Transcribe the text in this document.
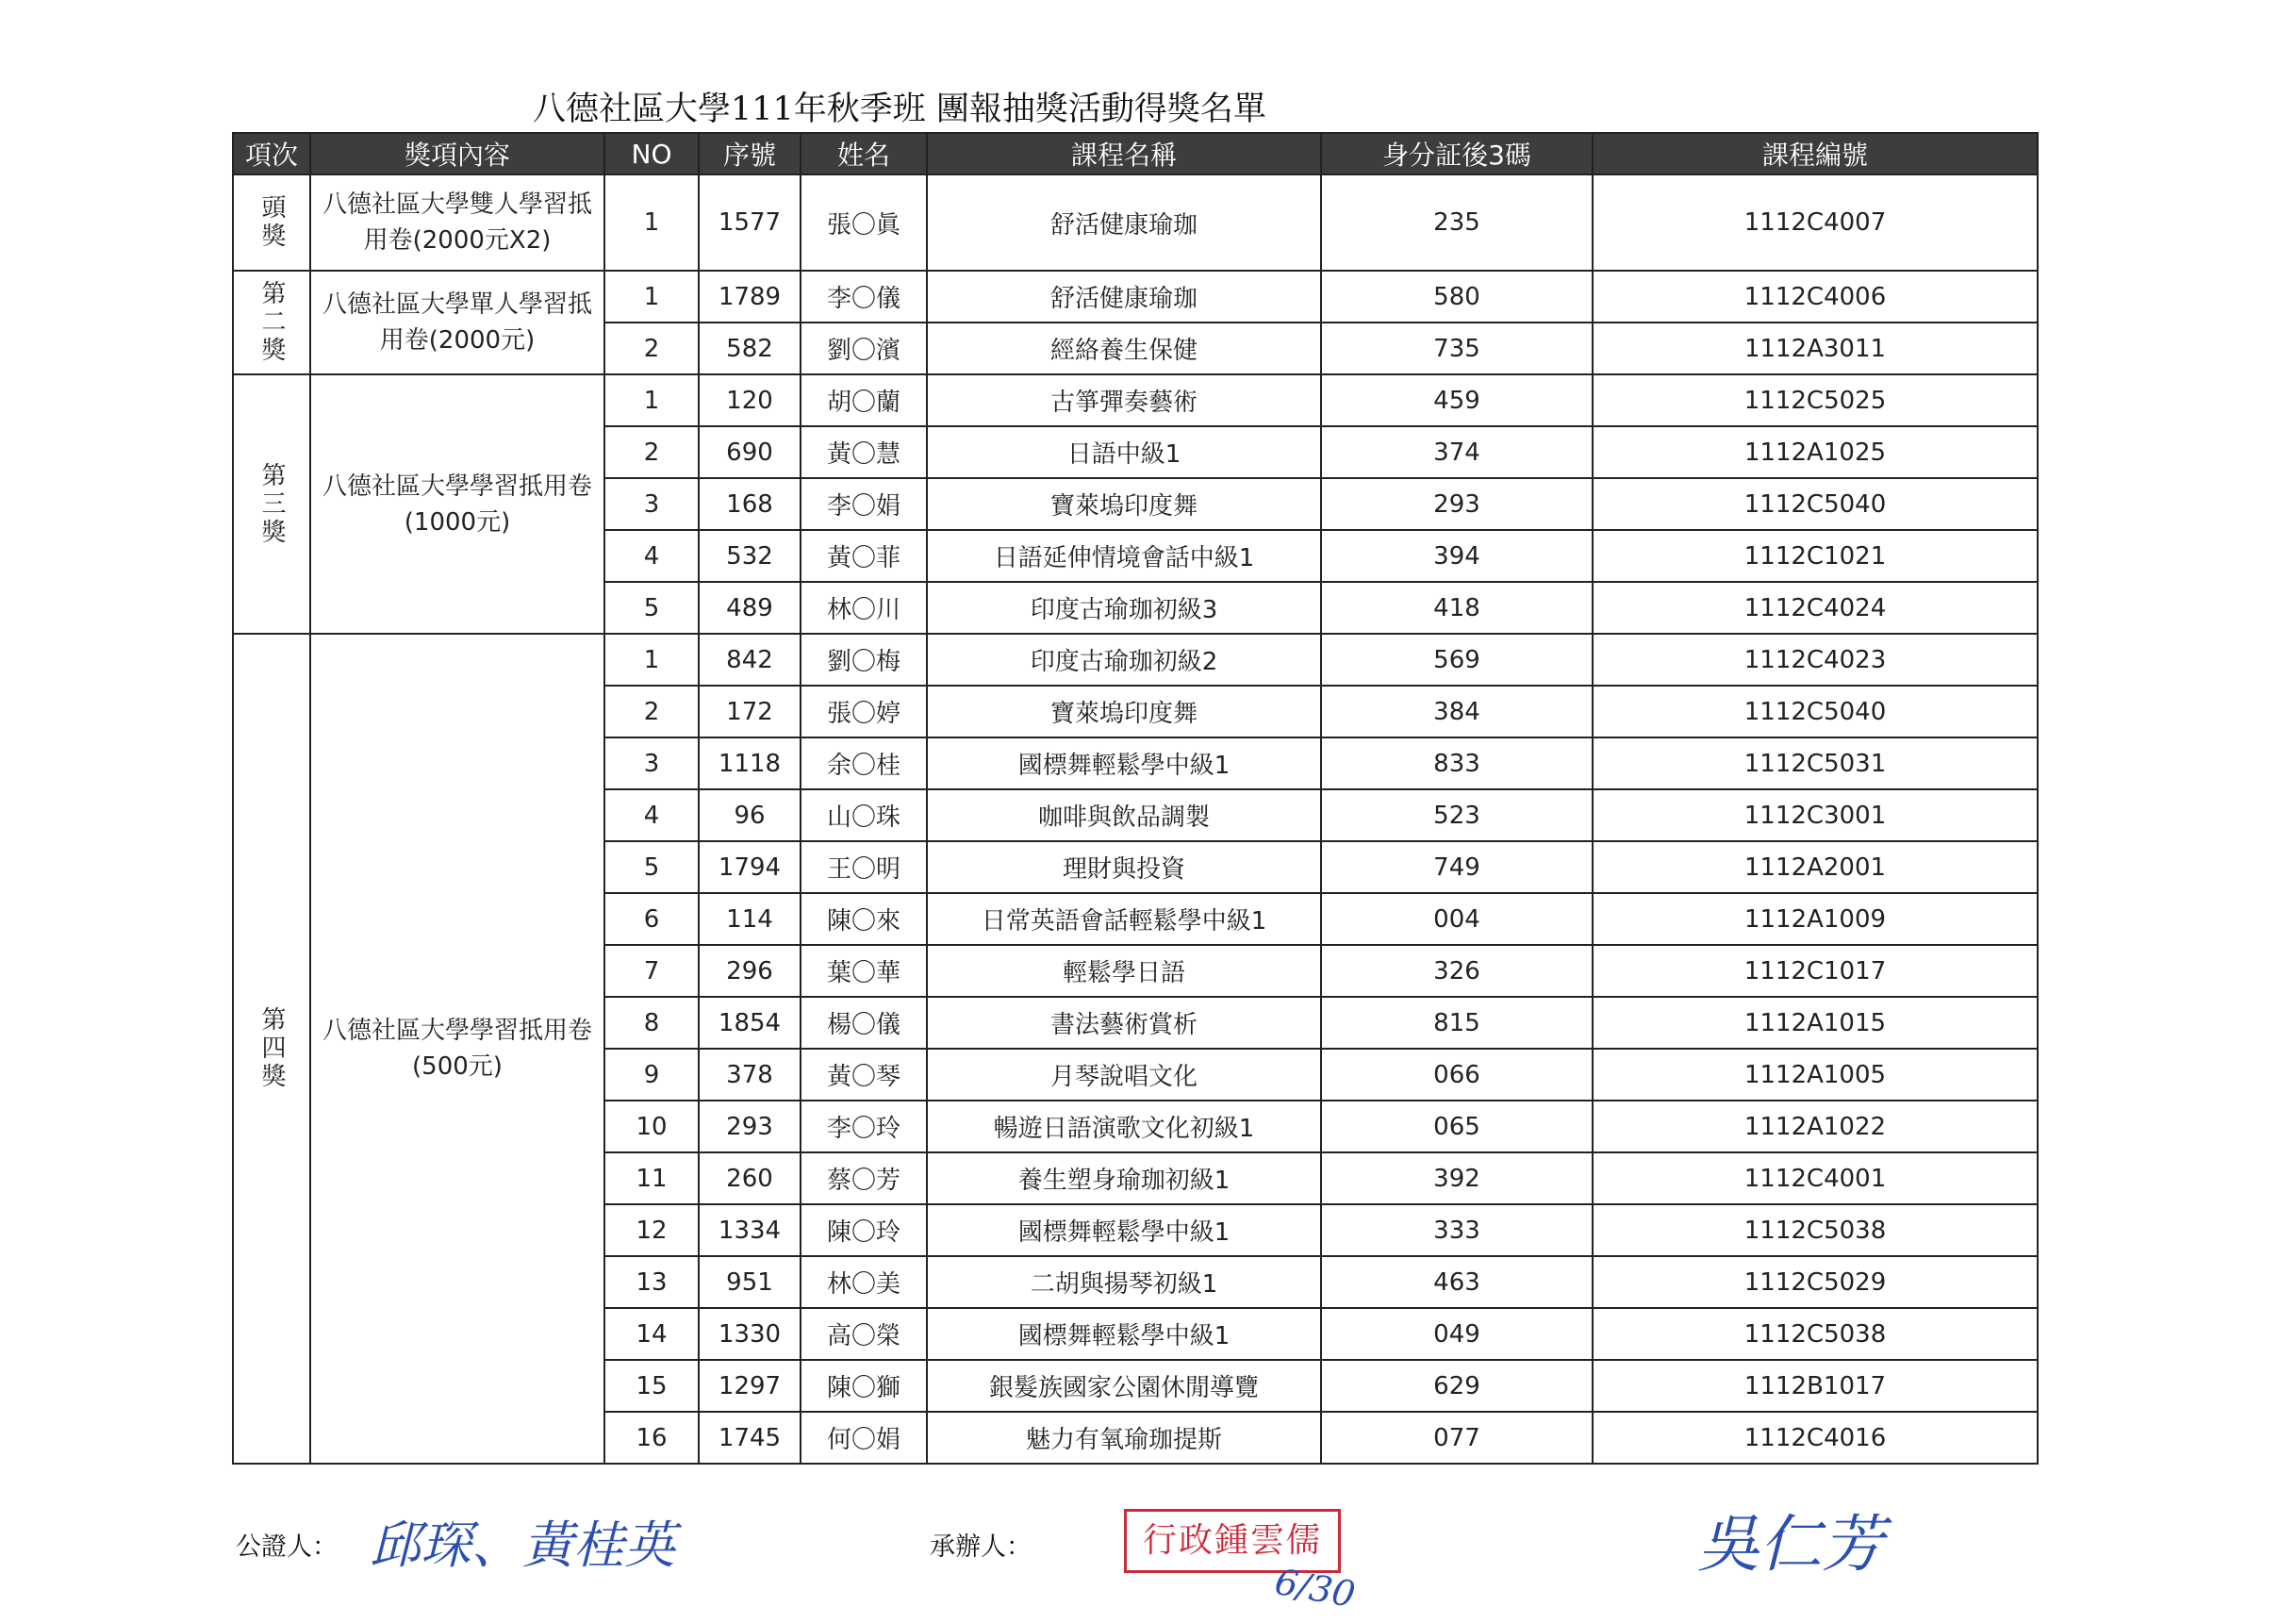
八德社區大學111年秋季班 團報抽獎活動得獎名單
項次	獎項內容	NO	序號	姓名	課程名稱	身分証後3碼	課程編號
頭獎	八德社區大學雙人學習抵用卷(2000元X2)	1	1577	張〇眞	舒活健康瑜珈	235	1112C4007
第二獎	八德社區大學單人學習抵用卷(2000元)	1	1789	李〇儀	舒活健康瑜珈	580	1112C4006
		2	582	劉〇濱	經絡養生保健	735	1112A3011
第三獎	八德社區大學學習抵用卷(1000元)	1	120	胡〇蘭	古箏彈奏藝術	459	1112C5025
		2	690	黃〇慧	日語中級1	374	1112A1025
		3	168	李〇娟	寶萊塢印度舞	293	1112C5040
		4	532	黃〇菲	日語延伸情境會話中級1	394	1112C1021
		5	489	林〇川	印度古瑜珈初級3	418	1112C4024
第四獎	八德社區大學學習抵用卷(500元)	1	842	劉〇梅	印度古瑜珈初級2	569	1112C4023
		2	172	張〇婷	寶萊塢印度舞	384	1112C5040
		3	1118	余〇桂	國標舞輕鬆學中級1	833	1112C5031
		4	96	山〇珠	咖啡與飲品調製	523	1112C3001
		5	1794	王〇明	理財與投資	749	1112A2001
		6	114	陳〇來	日常英語會話輕鬆學中級1	004	1112A1009
		7	296	葉〇華	輕鬆學日語	326	1112C1017
		8	1854	楊〇儀	書法藝術賞析	815	1112A1015
		9	378	黃〇琴	月琴說唱文化	066	1112A1005
		10	293	李〇玲	暢遊日語演歌文化初級1	065	1112A1022
		11	260	蔡〇芳	養生塑身瑜珈初級1	392	1112C4001
		12	1334	陳〇玲	國標舞輕鬆學中級1	333	1112C5038
		13	951	林〇美	二胡與揚琴初級1	463	1112C5029
		14	1330	高〇榮	國標舞輕鬆學中級1	049	1112C5038
		15	1297	陳〇獅	銀髮族國家公園休閒導覽	629	1112B1017
		16	1745	何〇娟	魅力有氧瑜珈提斯	077	1112C4016
公證人： 邱琛、黃桂英	承辦人：	行政鍾雲儒
6/30
吳仁芳
